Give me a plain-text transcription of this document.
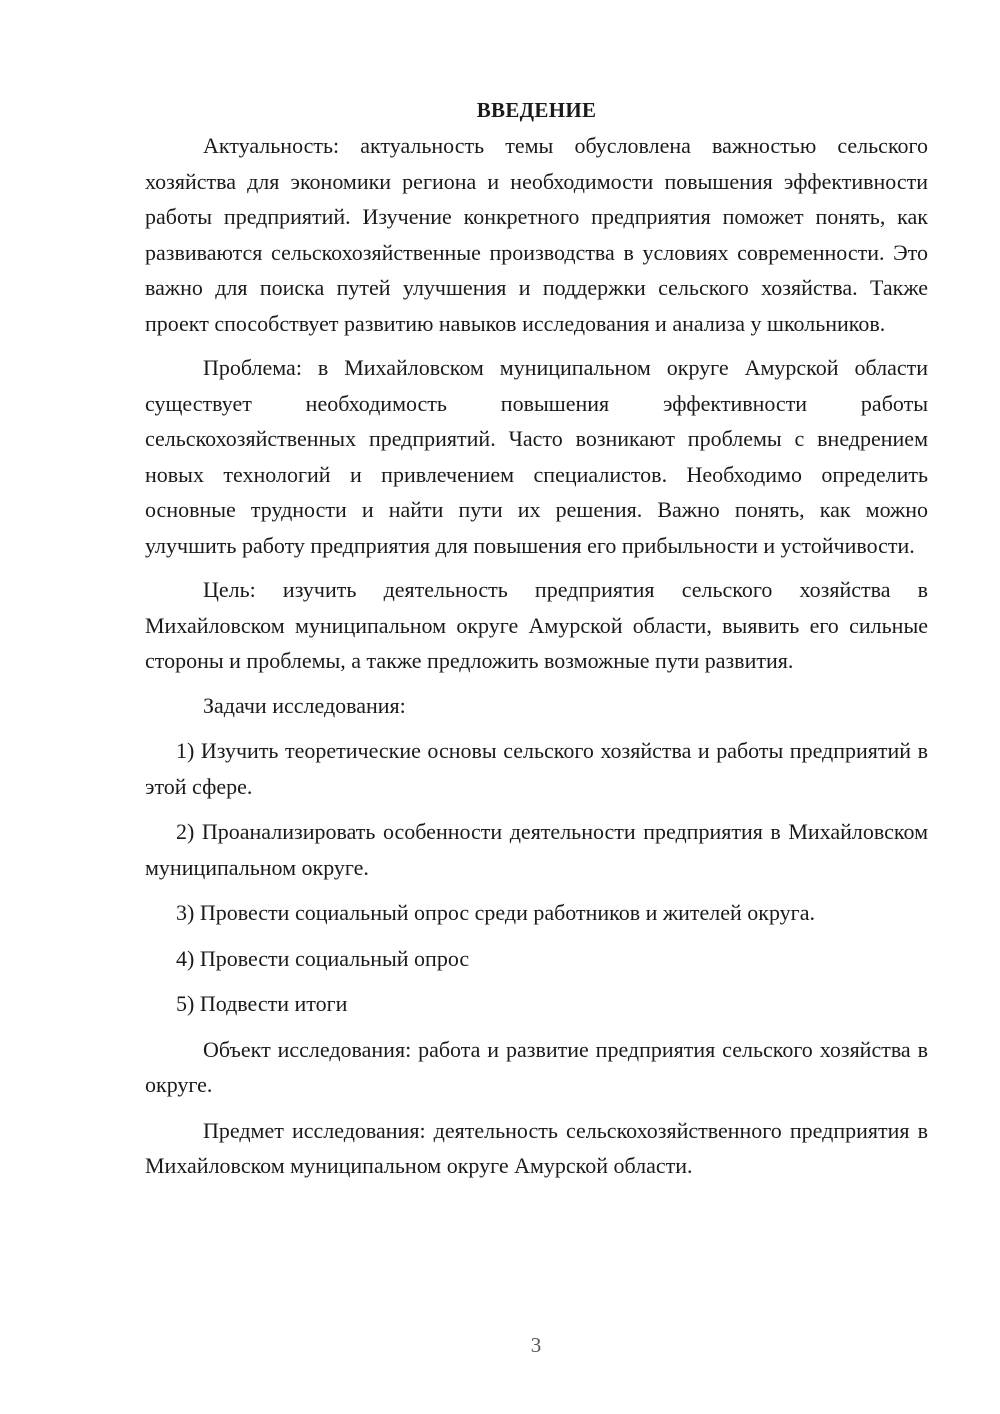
ВВЕДЕНИЕ

Актуальность: актуальность темы обусловлена важностью сельского хозяйства для экономики региона и необходимости повышения эффективности работы предприятий. Изучение конкретного предприятия поможет понять, как развиваются сельскохозяйственные производства в условиях современности. Это важно для поиска путей улучшения и поддержки сельского хозяйства. Также проект способствует развитию навыков исследования и анализа у школьников.

Проблема: в Михайловском муниципальном округе Амурской области существует необходимость повышения эффективности работы сельскохозяйственных предприятий. Часто возникают проблемы с внедрением новых технологий и привлечением специалистов. Необходимо определить основные трудности и найти пути их решения. Важно понять, как можно улучшить работу предприятия для повышения его прибыльности и устойчивости.

Цель: изучить деятельность предприятия сельского хозяйства в Михайловском муниципальном округе Амурской области, выявить его сильные стороны и проблемы, а также предложить возможные пути развития.

Задачи исследования:

1) Изучить теоретические основы сельского хозяйства и работы предприятий в этой сфере.

2) Проанализировать особенности деятельности предприятия в Михайловском муниципальном округе.

3) Провести социальный опрос среди работников и жителей округа.

4) Провести социальный опрос

5) Подвести итоги

Объект исследования: работа и развитие предприятия сельского хозяйства в округе.

Предмет исследования: деятельность сельскохозяйственного предприятия в Михайловском муниципальном округе Амурской области.

3
